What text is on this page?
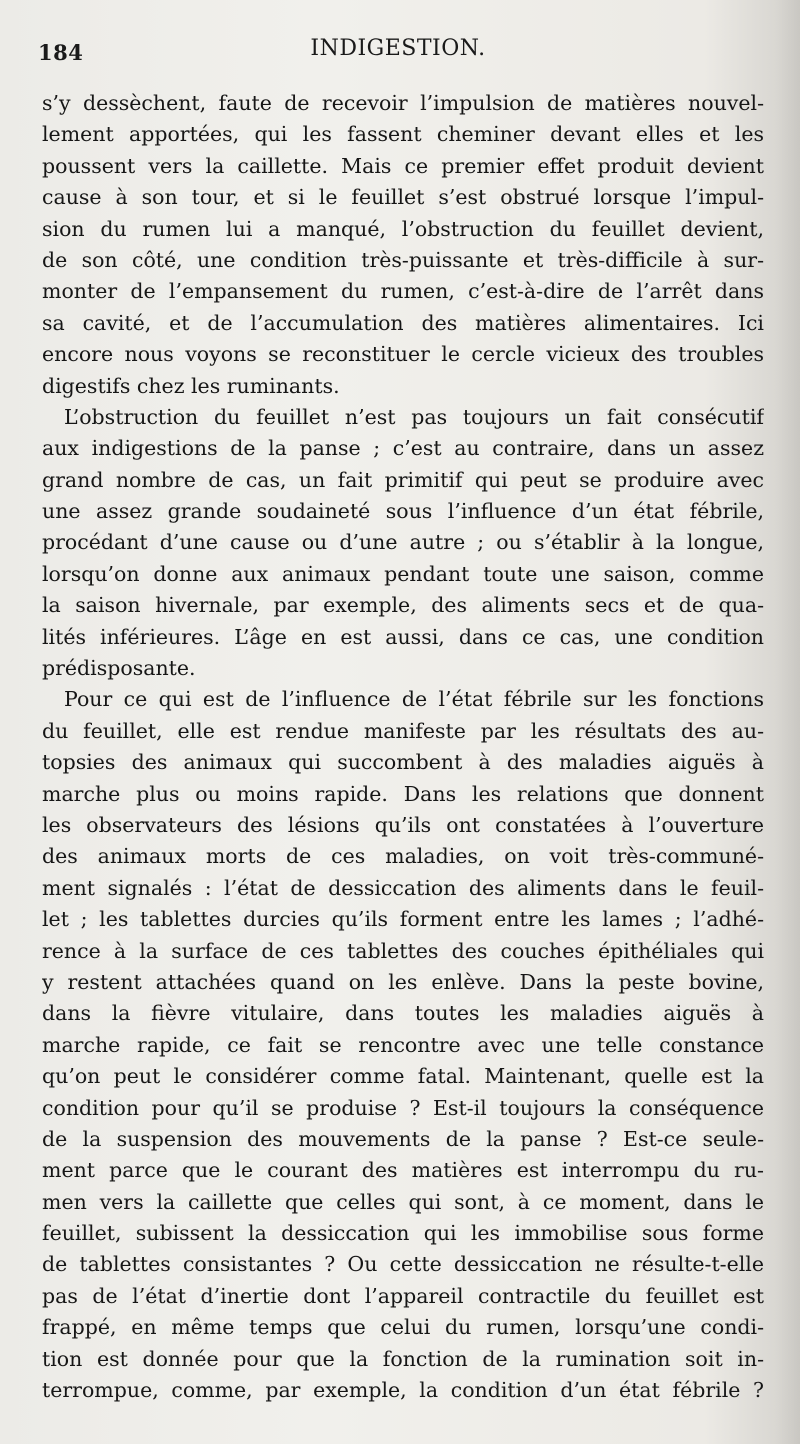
184	INDIGESTION.
s’y dessèchent, faute de recevoir l’impulsion de matières nouvel-
lement apportées, qui les fassent cheminer devant elles et les
poussent vers la caillette. Mais ce premier effet produit devient
cause à son tour, et si le feuillet s’est obstrué lorsque l’impul-
sion du rumen lui a manqué, l’obstruction du feuillet devient,
de son côté, une condition très-puissante et très-difficile à sur-
monter de l’empansement du rumen, c’est-à-dire de l’arrêt dans
sa cavité, et de l’accumulation des matières alimentaires. Ici
encore nous voyons se reconstituer le cercle vicieux des troubles
digestifs chez les ruminants.
L’obstruction du feuillet n’est pas toujours un fait consécutif
aux indigestions de la panse ; c’est au contraire, dans un assez
grand nombre de cas, un fait primitif qui peut se produire avec
une assez grande soudaineté sous l’influence d’un état fébrile,
procédant d’une cause ou d’une autre ; ou s’établir à la longue,
lorsqu’on donne aux animaux pendant toute une saison, comme
la saison hivernale, par exemple, des aliments secs et de qua-
lités inférieures. L’âge en est aussi, dans ce cas, une condition
prédisposante.
Pour ce qui est de l’influence de l’état fébrile sur les fonctions
du feuillet, elle est rendue manifeste par les résultats des au-
topsies des animaux qui succombent à des maladies aiguës à
marche plus ou moins rapide. Dans les relations que donnent
les observateurs des lésions qu’ils ont constatées à l’ouverture
des animaux morts de ces maladies, on voit très-communé-
ment signalés : l’état de dessiccation des aliments dans le feuil-
let ; les tablettes durcies qu’ils forment entre les lames ; l’adhé-
rence à la surface de ces tablettes des couches épithéliales qui
y restent attachées quand on les enlève. Dans la peste bovine,
dans la fièvre vitulaire, dans toutes les maladies aiguës à
marche rapide, ce fait se rencontre avec une telle constance
qu’on peut le considérer comme fatal. Maintenant, quelle est la
condition pour qu’il se produise ? Est-il toujours la conséquence
de la suspension des mouvements de la panse ? Est-ce seule-
ment parce que le courant des matières est interrompu du ru-
men vers la caillette que celles qui sont, à ce moment, dans le
feuillet, subissent la dessiccation qui les immobilise sous forme
de tablettes consistantes ? Ou cette dessiccation ne résulte-t-elle
pas de l’état d’inertie dont l’appareil contractile du feuillet est
frappé, en même temps que celui du rumen, lorsqu’une condi-
tion est donnée pour que la fonction de la rumination soit in-
terrompue, comme, par exemple, la condition d’un état fébrile ?
